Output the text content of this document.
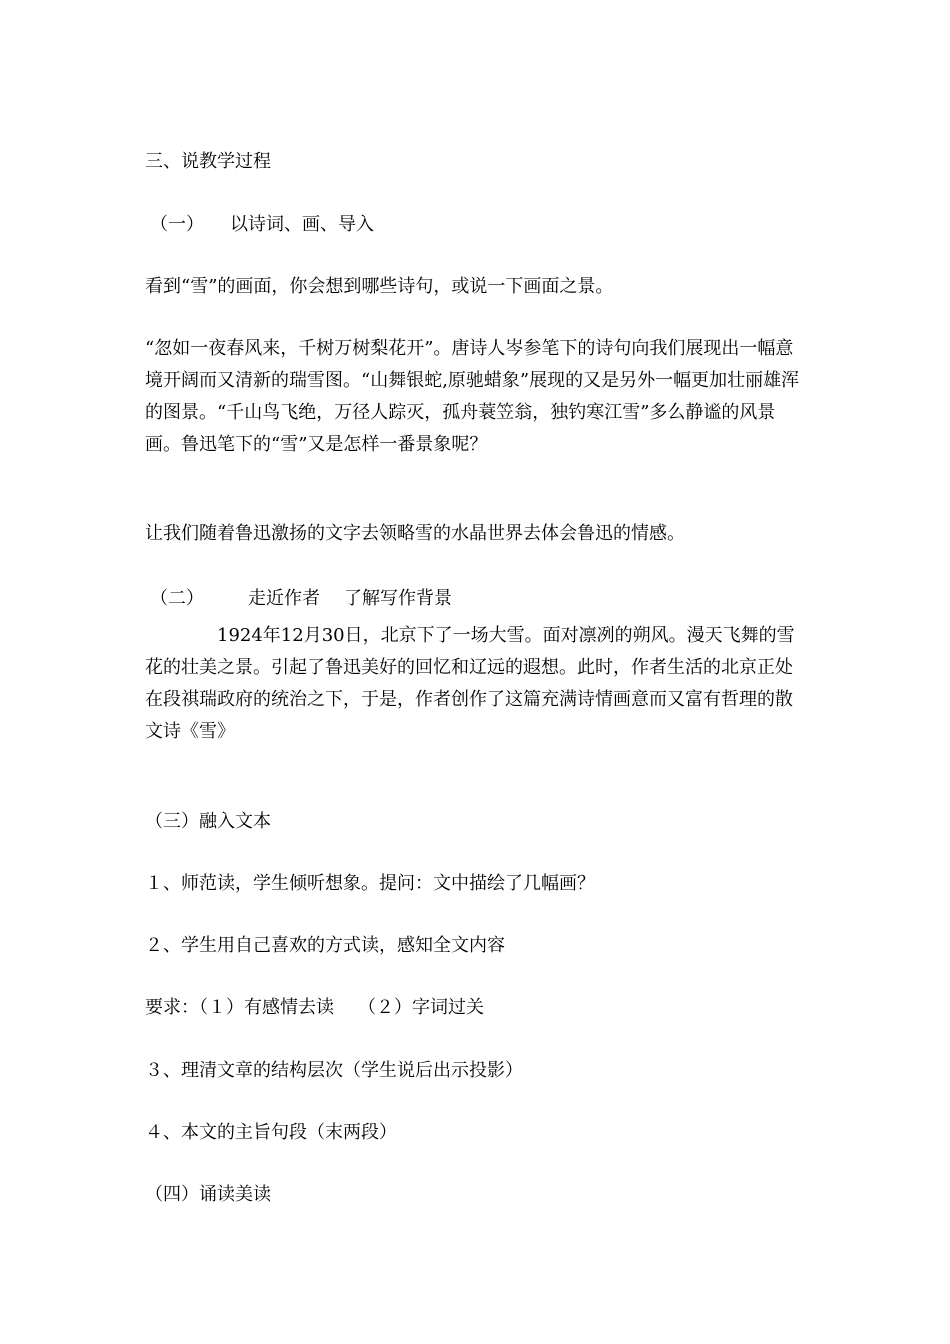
三、说教学过程
（一） 以诗词、画、导入
看到“雪”的画面，你会想到哪些诗句，或说一下画面之景。
“忽如一夜春风来，千树万树梨花开”。唐诗人岑参笔下的诗句向我们展现出一幅意境开阔而又清新的瑞雪图。“山舞银蛇,原驰蜡象”展现的又是另外一幅更加壮丽雄浑的图景。“千山鸟飞绝，万径人踪灭，孤舟蓑笠翁，独钓寒江雪”多么静谧的风景画。鲁迅笔下的“雪”又是怎样一番景象呢？
让我们随着鲁迅激扬的文字去领略雪的水晶世界去体会鲁迅的情感。
（二） 走近作者 了解写作背景
1924年12月30日，北京下了一场大雪。面对凛冽的朔风。漫天飞舞的雪花的壮美之景。引起了鲁迅美好的回忆和辽远的遐想。此时，作者生活的北京正处在段祺瑞政府的统治之下，于是，作者创作了这篇充满诗情画意而又富有哲理的散文诗《雪》
（三）融入文本
１、师范读，学生倾听想象。提问：文中描绘了几幅画？
２、学生用自己喜欢的方式读，感知全文内容
要求：（１）有感情去读 （２）字词过关
３、理清文章的结构层次（学生说后出示投影）
４、本文的主旨句段（末两段）
（四）诵读美读
